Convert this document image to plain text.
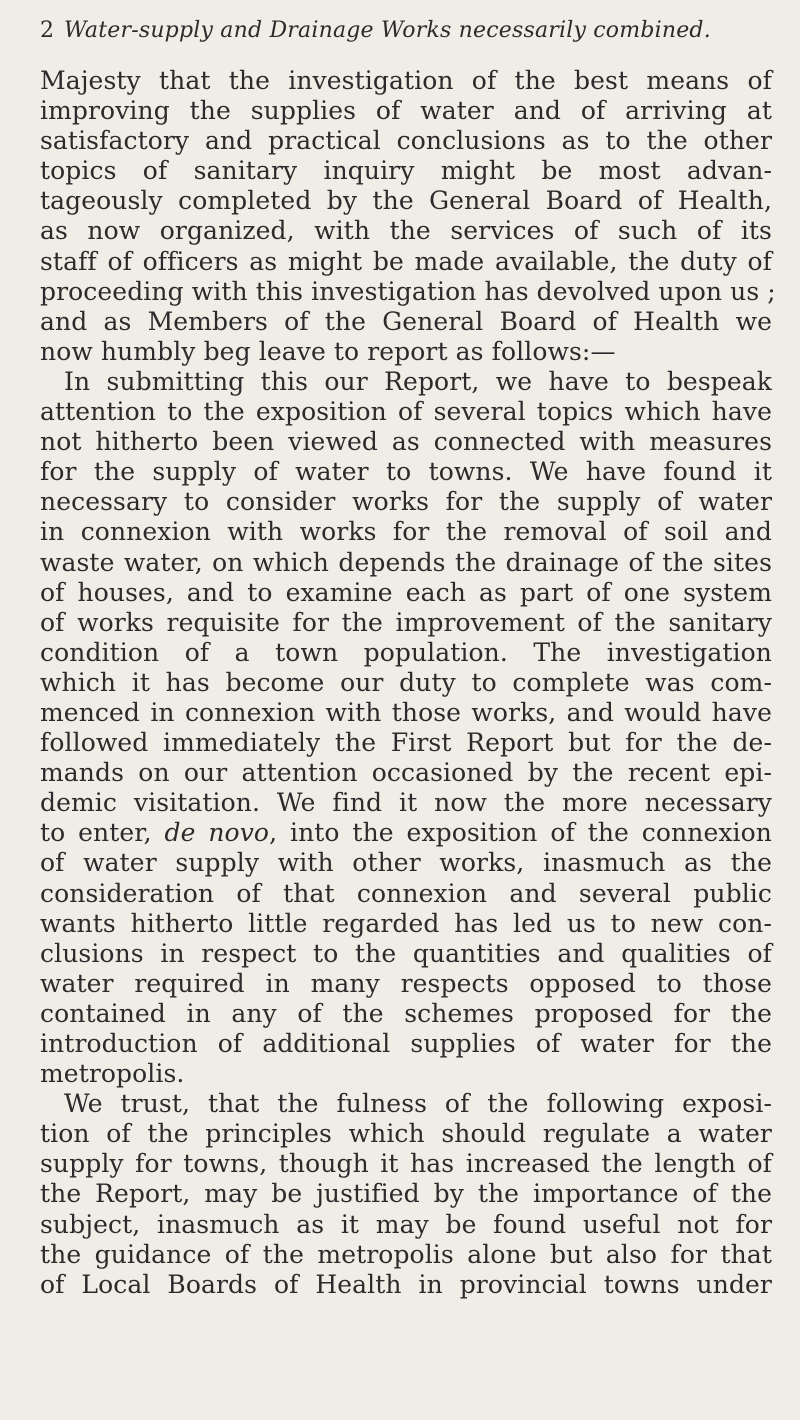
2 Water-supply and Drainage Works necessarily combined.
Majesty that the investigation of the best means of
improving the supplies of water and of arriving at
satisfactory and practical conclusions as to the other
topics of sanitary inquiry might be most advan-
tageously completed by the General Board of Health,
as now organized, with the services of such of its
staff of officers as might be made available, the duty of
proceeding with this investigation has devolved upon us ;
and as Members of the General Board of Health we
now humbly beg leave to report as follows:—
In submitting this our Report, we have to bespeak
attention to the exposition of several topics which have
not hitherto been viewed as connected with measures
for the supply of water to towns. We have found it
necessary to consider works for the supply of water
in connexion with works for the removal of soil and
waste water, on which depends the drainage of the sites
of houses, and to examine each as part of one system
of works requisite for the improvement of the sanitary
condition of a town population. The investigation
which it has become our duty to complete was com-
menced in connexion with those works, and would have
followed immediately the First Report but for the de-
mands on our attention occasioned by the recent epi-
demic visitation. We find it now the more necessary
to enter, de novo, into the exposition of the connexion
of water supply with other works, inasmuch as the
consideration of that connexion and several public
wants hitherto little regarded has led us to new con-
clusions in respect to the quantities and qualities of
water required in many respects opposed to those
contained in any of the schemes proposed for the
introduction of additional supplies of water for the
metropolis.
We trust, that the fulness of the following exposi-
tion of the principles which should regulate a water
supply for towns, though it has increased the length of
the Report, may be justified by the importance of the
subject, inasmuch as it may be found useful not for
the guidance of the metropolis alone but also for that
of Local Boards of Health in provincial towns under
